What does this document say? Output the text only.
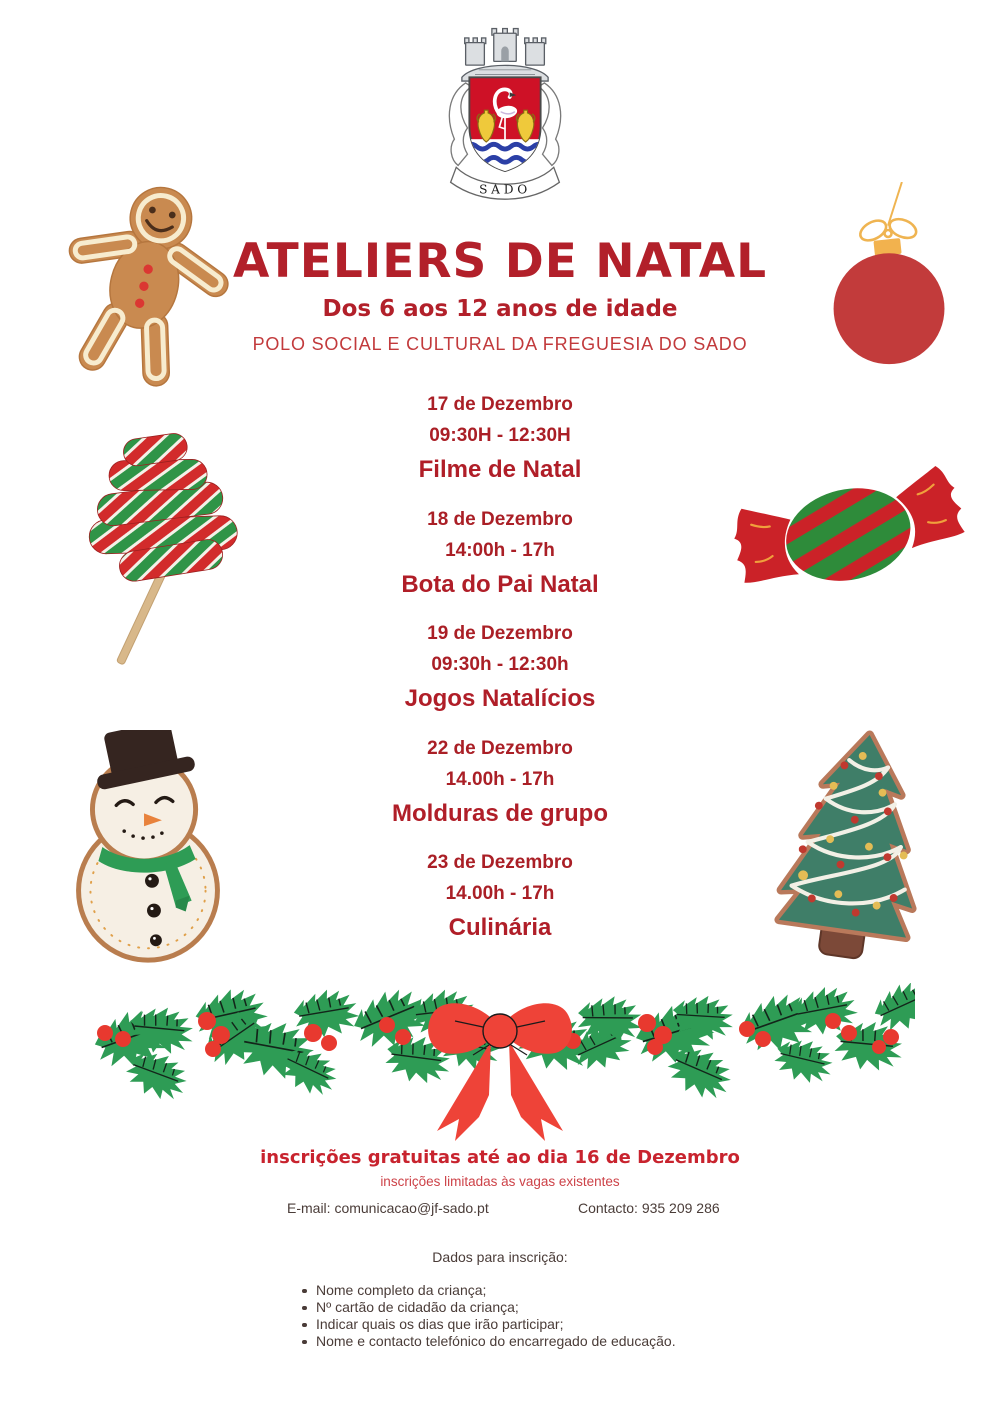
SADO
ATELIERS DE NATAL
Dos 6 aos 12 anos de idade
POLO SOCIAL E CULTURAL DA FREGUESIA DO SADO
17 de Dezembro
09:30H - 12:30H
Filme de Natal
18 de Dezembro
14:00h - 17h
Bota do Pai Natal
19 de Dezembro
09:30h - 12:30h
Jogos Natalícios
22 de Dezembro
14.00h - 17h
Molduras de grupo
23 de Dezembro
14.00h - 17h
Culinária
inscrições gratuitas até ao dia 16 de Dezembro
inscrições limitadas às vagas existentes
E-mail: comunicacao@jf-sado.pt	Contacto: 935 209 286
Dados para inscrição:
Nome completo da criança;
Nº cartão de cidadão da criança;
Indicar quais os dias que irão participar;
Nome e contacto telefónico do encarregado de educação.
